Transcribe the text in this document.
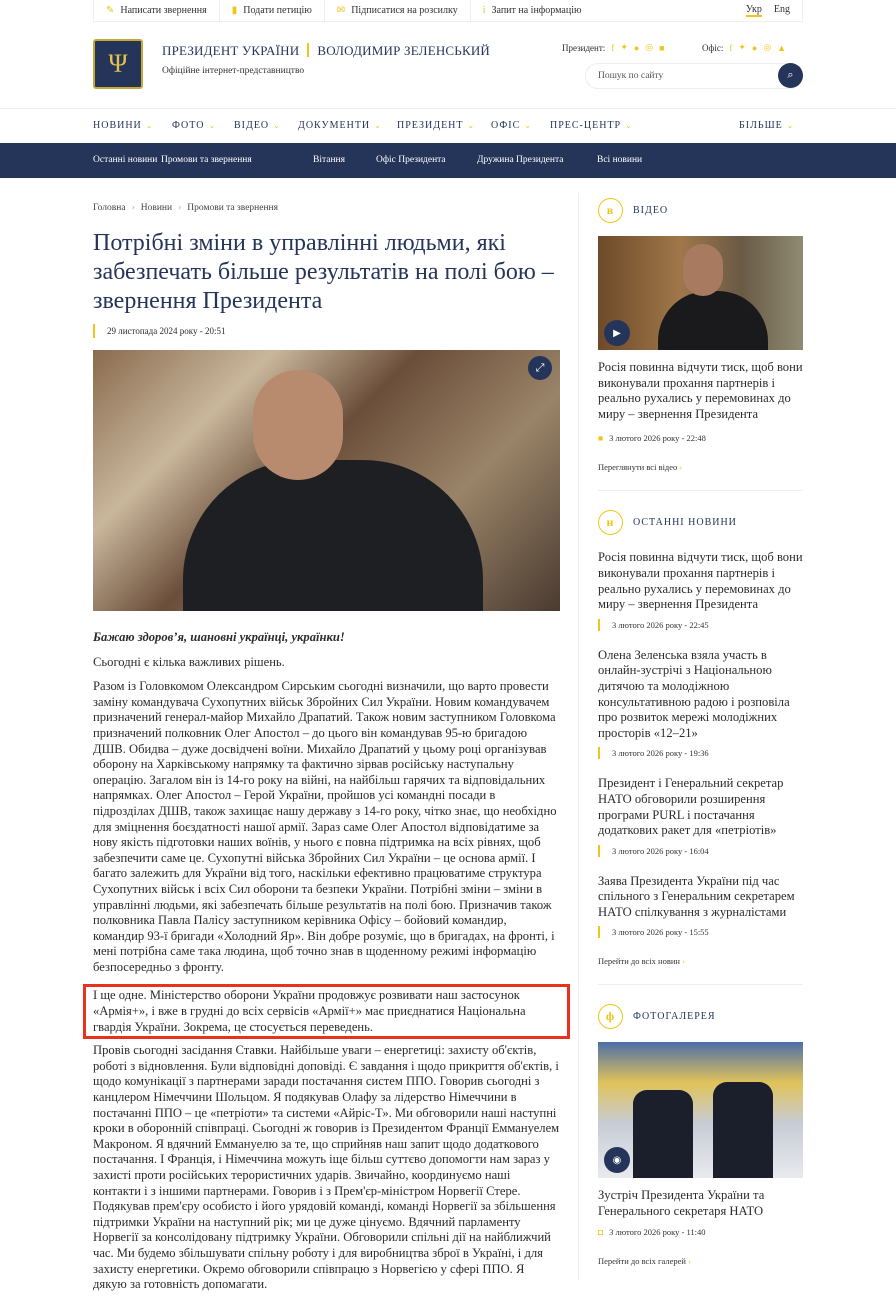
✎ Написати звернення	▮ Подати петицію	✉ Підписатися на розсилку	i Запит на інформацію	Укр Eng
Ψ	ПРЕЗИДЕНТ УКРАЇНИ ВОЛОДИМИР ЗЕЛЕНСЬКИЙ
Офіційне інтернет-представництво
Президент: f ✦ ● ◎ ■	Офіс: f ✦ ● ◎ ▲
Пошук по сайту	⌕
НОВИНИ ⌄ ФОТО ⌄ ВІДЕО ⌄ ДОКУМЕНТИ ⌄ ПРЕЗИДЕНТ ⌄ ОФІС ⌄ ПРЕС-ЦЕНТР ⌄	БІЛЬШЕ ⌄
Останні новини Промови та звернення	Вітання	Офіс Президента	Дружина Президента	Всі новини
Головна › Новини › Промови та звернення
Потрібні зміни в управлінні людьми, які забезпечать більше результатів на полі бою – звернення Президента
29 листопада 2024 року - 20:51
⤢

Бажаю здоров’я, шановні українці, українки!

Сьогодні є кілька важливих рішень.

Разом із Головкомом Олександром Сирським сьогодні визначили, що варто провести заміну командувача Сухопутних військ Збройних Сил України. Новим командувачем призначений генерал-майор Михайло Драпатий. Також новим заступником Головкома призначений полковник Олег Апостол – до цього він командував 95-ю бригадою ДШВ. Обидва – дуже досвідчені воїни. Михайло Драпатий у цьому році організував оборону на Харківському напрямку та фактично зірвав російську наступальну операцію. Загалом він із 14-го року на війні, на найбільш гарячих та відповідальних напрямках. Олег Апостол – Герой України, пройшов усі командні посади в підрозділах ДШВ, також захищає нашу державу з 14-го року, чітко знає, що необхідно для зміцнення боєздатності нашої армії. Зараз саме Олег Апостол відповідатиме за нову якість підготовки наших воїнів, у нього є повна підтримка на всіх рівнях, щоб забезпечити саме це. Сухопутні війська Збройних Сил України – це основа армії. І багато залежить для України від того, наскільки ефективно працюватиме структура Сухопутних військ і всіх Сил оборони та безпеки України. Потрібні зміни – зміни в управлінні людьми, які забезпечать більше результатів на полі бою. Призначив також полковника Павла Палісу заступником керівника Офісу – бойовий командир, командир 93-ї бригади «Холодний Яр». Він добре розуміє, що в бригадах, на фронті, і мені потрібна саме така людина, щоб точно знав в щоденному режимі інформацію безпосередньо з фронту.

І ще одне. Міністерство оборони України продовжує розвивати наш застосунок «Армія+», і вже в грудні до всіх сервісів «Армії+» має приєднатися Національна гвардія України. Зокрема, це стосується переведень.

Провів сьогодні засідання Ставки. Найбільше уваги – енергетиці: захисту об'єктів, роботі з відновлення. Були відповідні доповіді. Є завдання і щодо прикриття об'єктів, і щодо комунікації з партнерами заради постачання систем ППО. Говорив сьогодні з канцлером Німеччини Шольцом. Я подякував Олафу за лідерство Німеччини в постачанні ППО – це «петріоти» та системи «Айріс-Т». Ми обговорили наші наступні кроки в оборонній співпраці. Сьогодні ж говорив із Президентом Франції Еммануелем Макроном. Я вдячний Еммануелю за те, що сприйняв наш запит щодо додаткового постачання. І Франція, і Німеччина можуть іще більш суттєво допомогти нам зараз у захисті проти російських терористичних ударів. Звичайно, координуємо наші контакти і з іншими партнерами. Говорив і з Прем'єр-міністром Норвегії Стере. Подякував прем'єру особисто і його урядовій команді, команді Норвегії за збільшення підтримки України на наступний рік; ми це дуже цінуємо. Вдячний парламенту Норвегії за консолідовану підтримку України. Обговорили спільні дії на найближчий час. Ми будемо збільшувати спільну роботу і для виробництва зброї в Україні, і для захисту енергетики. Окремо обговорили співпрацю з Норвегією у сфері ППО. Я дякую за готовність допомагати.

в	ВІДЕО
▶
Росія повинна відчути тиск, щоб вони виконували прохання партнерів і реально рухались у перемовинах до миру – звернення Президента
■ 3 лютого 2026 року - 22:48
Переглянути всі відео ›
н	ОСТАННІ НОВИНИ
Росія повинна відчути тиск, щоб вони виконували прохання партнерів і реально рухались у перемовинах до миру – звернення Президента
3 лютого 2026 року - 22:45
Олена Зеленська взяла участь в онлайн-зустрічі з Національною дитячою та молодіжною консультативною радою і розповіла про розвиток мережі молодіжних просторів «12–21»
3 лютого 2026 року - 19:36
Президент і Генеральний секретар НАТО обговорили розширення програми PURL і постачання додаткових ракет для «петріотів»
3 лютого 2026 року - 16:04
Заява Президента України під час спільного з Генеральним секретарем НАТО спілкування з журналістами
3 лютого 2026 року - 15:55
Перейти до всіх новин ›
ф	ФОТОГАЛЕРЕЯ
◉
Зустріч Президента України та Генерального секретаря НАТО
◘ 3 лютого 2026 року - 11:40
Перейти до всіх галерей ›
